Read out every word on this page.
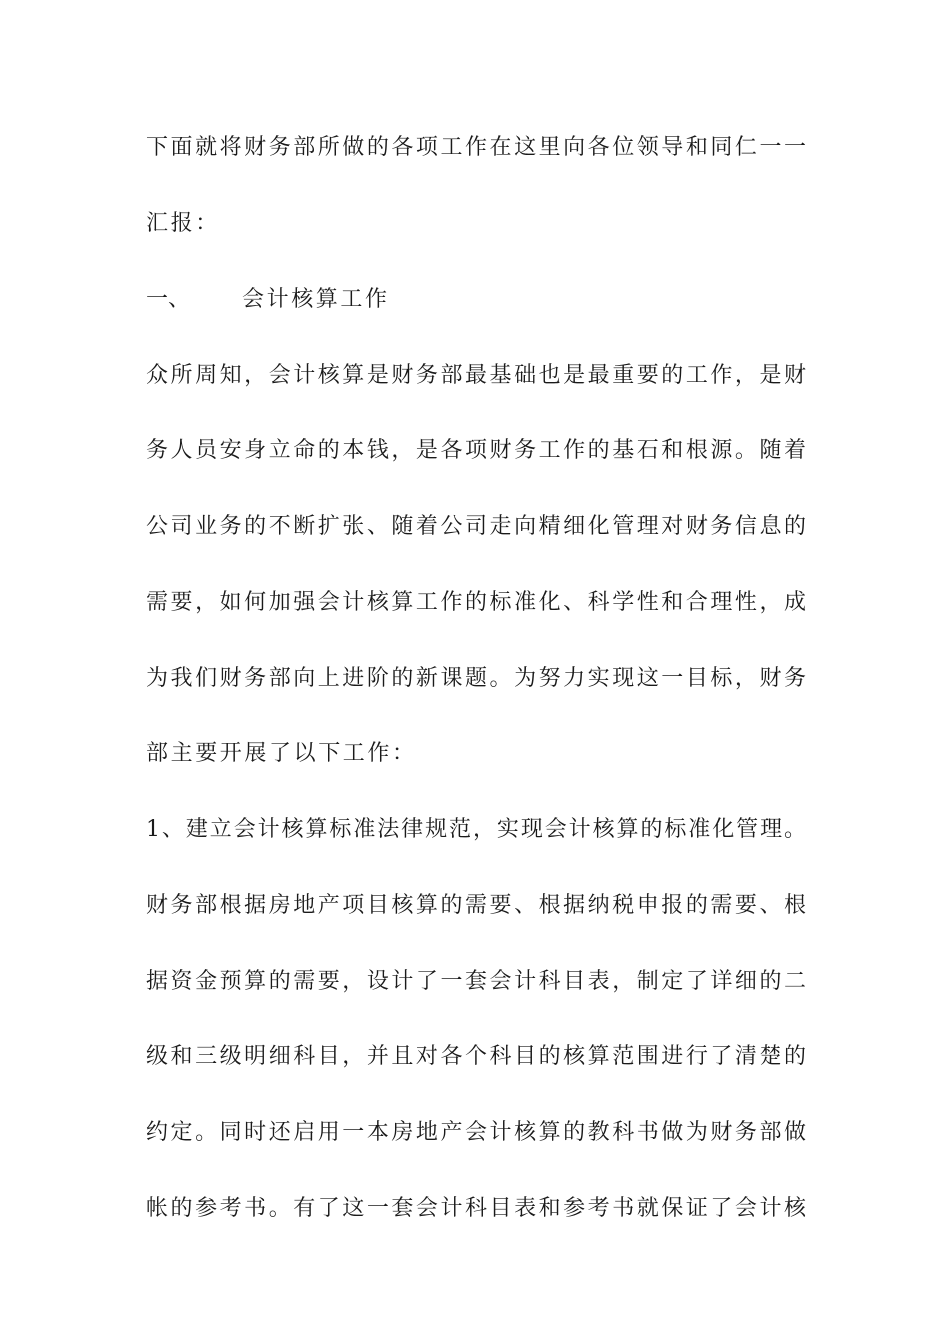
下面就将财务部所做的各项工作在这里向各位领导和同仁一一
汇报：
一、 会计核算工作
众所周知，会计核算是财务部最基础也是最重要的工作，是财
务人员安身立命的本钱，是各项财务工作的基石和根源。随着
公司业务的不断扩张、随着公司走向精细化管理对财务信息的
需要，如何加强会计核算工作的标准化、科学性和合理性，成
为我们财务部向上进阶的新课题。为努力实现这一目标，财务
部主要开展了以下工作：
1、建立会计核算标准法律规范，实现会计核算的标准化管理。
财务部根据房地产项目核算的需要、根据纳税申报的需要、根
据资金预算的需要，设计了一套会计科目表，制定了详细的二
级和三级明细科目，并且对各个科目的核算范围进行了清楚的
约定。同时还启用一本房地产会计核算的教科书做为财务部做
帐的参考书。有了这一套会计科目表和参考书就保证了会计核
